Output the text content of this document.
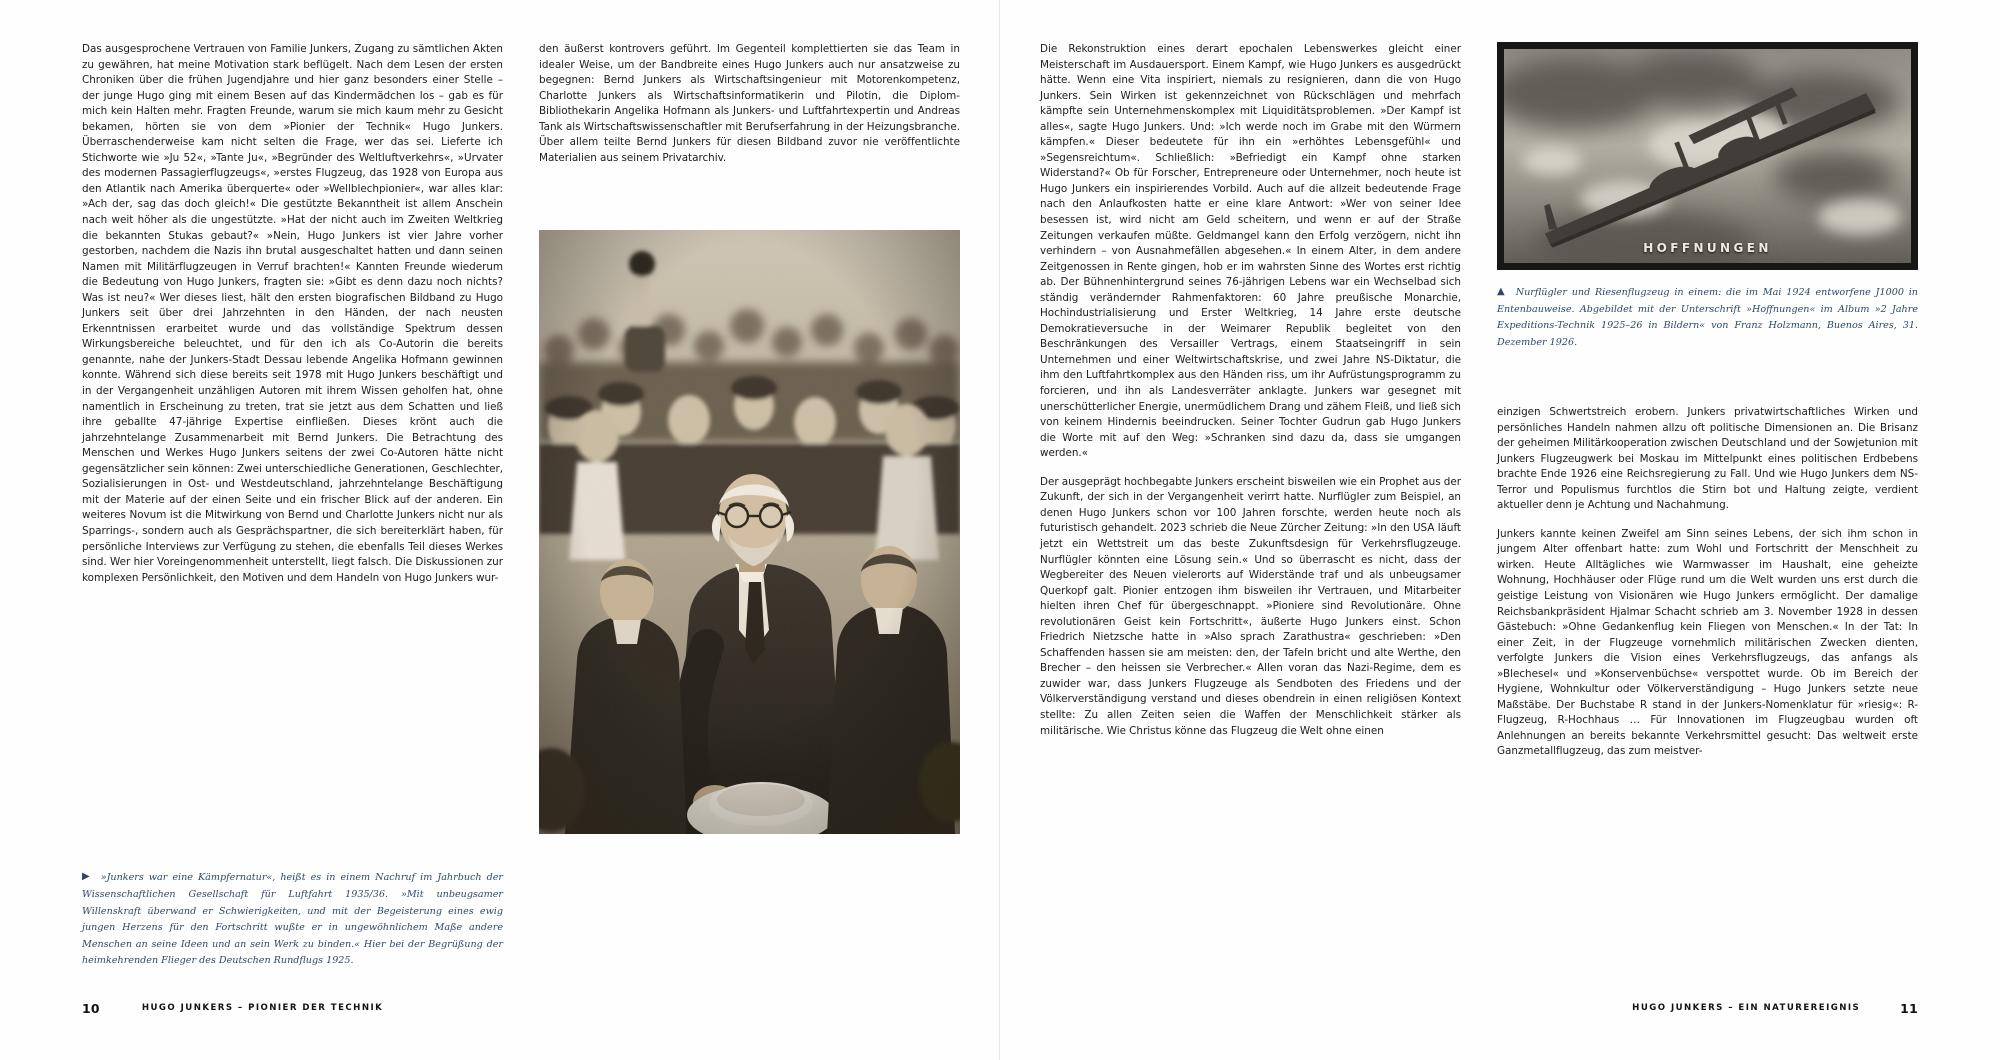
Das ausgesprochene Vertrauen von Familie Junkers, Zugang zu sämtlichen Akten zu gewähren, hat meine Motivation stark beflügelt. Nach dem Lesen der ersten Chroniken über die frühen Jugendjahre und hier ganz besonders einer Stelle – der junge Hugo ging mit einem Besen auf das Kindermädchen los – gab es für mich kein Halten mehr. Fragten Freunde, warum sie mich kaum mehr zu Gesicht bekamen, hörten sie von dem »Pionier der Technik« Hugo Junkers. Überraschenderweise kam nicht selten die Frage, wer das sei. Lieferte ich Stichworte wie »Ju 52«, »Tante Ju«, »Begründer des Weltluftverkehrs«, »Urvater des modernen Passagierflugzeugs«, »erstes Flugzeug, das 1928 von Europa aus den Atlantik nach Amerika überquerte« oder »Wellblechpionier«, war alles klar: »Ach der, sag das doch gleich!« Die gestützte Bekanntheit ist allem Anschein nach weit höher als die ungestützte. »Hat der nicht auch im Zweiten Weltkrieg die bekannten Stukas gebaut?« »Nein, Hugo Junkers ist vier Jahre vorher gestorben, nachdem die Nazis ihn brutal ausgeschaltet hatten und dann seinen Namen mit Militärflugzeugen in Verruf brachten!« Kannten Freunde wiederum die Bedeutung von Hugo Junkers, fragten sie: »Gibt es denn dazu noch nichts? Was ist neu?« Wer dieses liest, hält den ersten biografischen Bildband zu Hugo Junkers seit über drei Jahrzehnten in den Händen, der nach neusten Erkenntnissen erarbeitet wurde und das vollständige Spektrum dessen Wirkungsbereiche beleuchtet, und für den ich als Co-Autorin die bereits genannte, nahe der Junkers-Stadt Dessau lebende Angelika Hofmann gewinnen konnte. Während sich diese bereits seit 1978 mit Hugo Junkers beschäftigt und in der Vergangenheit unzähligen Autoren mit ihrem Wissen geholfen hat, ohne namentlich in Erscheinung zu treten, trat sie jetzt aus dem Schatten und ließ ihre geballte 47-jährige Expertise einfließen. Dieses krönt auch die jahrzehntelange Zusammenarbeit mit Bernd Junkers. Die Betrachtung des Menschen und Werkes Hugo Junkers seitens der zwei Co-Autoren hätte nicht gegensätzlicher sein können: Zwei unterschiedliche Generationen, Geschlechter, Sozialisierungen in Ost- und Westdeutschland, jahrzehntelange Beschäftigung mit der Materie auf der einen Seite und ein frischer Blick auf der anderen. Ein weiteres Novum ist die Mitwirkung von Bernd und Charlotte Junkers nicht nur als Sparrings-, sondern auch als Gesprächspartner, die sich bereiterklärt haben, für persönliche Interviews zur Verfügung zu stehen, die ebenfalls Teil dieses Werkes sind. Wer hier Voreingenommenheit unterstellt, liegt falsch. Die Diskussionen zur komplexen Persönlichkeit, den Motiven und dem Handeln von Hugo Junkers wur-

▶ »Junkers war eine Kämpfernatur«, heißt es in einem Nachruf im Jahrbuch der Wissenschaftlichen Gesellschaft für Luftfahrt 1935/36. »Mit unbeugsamer Willenskraft überwand er Schwierigkeiten, und mit der Begeisterung eines ewig jungen Herzens für den Fortschritt wußte er in ungewöhnlichem Maße andere Menschen an seine Ideen und an sein Werk zu binden.« Hier bei der Begrüßung der heimkehrenden Flieger des Deutschen Rundflugs 1925.

den äußerst kontrovers geführt. Im Gegenteil komplettierten sie das Team in idealer Weise, um der Bandbreite eines Hugo Junkers auch nur ansatzweise zu begegnen: Bernd Junkers als Wirtschaftsingenieur mit Motorenkompetenz, Charlotte Junkers als Wirtschaftsinformatikerin und Pilotin, die Diplom-Bibliothekarin Angelika Hofmann als Junkers- und Luftfahrtexpertin und Andreas Tank als Wirtschaftswissenschaftler mit Berufserfahrung in der Heizungsbranche. Über allem teilte Bernd Junkers für diesen Bildband zuvor nie veröffentlichte Materialien aus seinem Privatarchiv.

10	HUGO JUNKERS – PIONIER DER TECHNIK

Die Rekonstruktion eines derart epochalen Lebenswerkes gleicht einer Meisterschaft im Ausdauersport. Einem Kampf, wie Hugo Junkers es ausgedrückt hätte. Wenn eine Vita inspiriert, niemals zu resignieren, dann die von Hugo Junkers. Sein Wirken ist gekennzeichnet von Rückschlägen und mehrfach kämpfte sein Unternehmenskomplex mit Liquiditätsproblemen. »Der Kampf ist alles«, sagte Hugo Junkers. Und: »Ich werde noch im Grabe mit den Würmern kämpfen.« Dieser bedeutete für ihn ein »erhöhtes Lebensgefühl« und »Segensreichtum«. Schließlich: »Befriedigt ein Kampf ohne starken Widerstand?« Ob für Forscher, Entrepreneure oder Unternehmer, noch heute ist Hugo Junkers ein inspirierendes Vorbild. Auch auf die allzeit bedeutende Frage nach den Anlaufkosten hatte er eine klare Antwort: »Wer von seiner Idee besessen ist, wird nicht am Geld scheitern, und wenn er auf der Straße Zeitungen verkaufen müßte. Geldmangel kann den Erfolg verzögern, nicht ihn verhindern – von Ausnahmefällen abgesehen.« In einem Alter, in dem andere Zeitgenossen in Rente gingen, hob er im wahrsten Sinne des Wortes erst richtig ab. Der Bühnenhintergrund seines 76-jährigen Lebens war ein Wechselbad sich ständig verändernder Rahmenfaktoren: 60 Jahre preußische Monarchie, Hochindustrialisierung und Erster Weltkrieg, 14 Jahre erste deutsche Demokratieversuche in der Weimarer Republik begleitet von den Beschränkungen des Versailler Vertrags, einem Staatseingriff in sein Unternehmen und einer Weltwirtschaftskrise, und zwei Jahre NS-Diktatur, die ihm den Luftfahrtkomplex aus den Händen riss, um ihr Aufrüstungsprogramm zu forcieren, und ihn als Landesverräter anklagte. Junkers war gesegnet mit unerschütterlicher Energie, unermüdlichem Drang und zähem Fleiß, und ließ sich von keinem Hindernis beeindrucken. Seiner Tochter Gudrun gab Hugo Junkers die Worte mit auf den Weg: »Schranken sind dazu da, dass sie umgangen werden.«

Der ausgeprägt hochbegabte Junkers erscheint bisweilen wie ein Prophet aus der Zukunft, der sich in der Vergangenheit verirrt hatte. Nurflügler zum Beispiel, an denen Hugo Junkers schon vor 100 Jahren forschte, werden heute noch als futuristisch gehandelt. 2023 schrieb die Neue Zürcher Zeitung: »In den USA läuft jetzt ein Wettstreit um das beste Zukunftsdesign für Verkehrsflugzeuge. Nurflügler könnten eine Lösung sein.« Und so überrascht es nicht, dass der Wegbereiter des Neuen vielerorts auf Widerstände traf und als unbeugsamer Querkopf galt. Pionier entzogen ihm bisweilen ihr Vertrauen, und Mitarbeiter hielten ihren Chef für übergeschnappt. »Pioniere sind Revolutionäre. Ohne revolutionären Geist kein Fortschritt«, äußerte Hugo Junkers einst. Schon Friedrich Nietzsche hatte in »Also sprach Zarathustra« geschrieben: »Den Schaffenden hassen sie am meisten: den, der Tafeln bricht und alte Werthe, den Brecher – den heissen sie Verbrecher.« Allen voran das Nazi-Regime, dem es zuwider war, dass Junkers Flugzeuge als Sendboten des Friedens und der Völkerverständigung verstand und dieses obendrein in einen religiösen Kontext stellte: Zu allen Zeiten seien die Waffen der Menschlichkeit stärker als militärische. Wie Christus könne das Flugzeug die Welt ohne einen

HOFFNUNGEN

▲ Nurflügler und Riesenflugzeug in einem: die im Mai 1924 entworfene J1000 in Entenbauweise. Abgebildet mit der Unterschrift »Hoffnungen« im Album »2 Jahre Expeditions-Technik 1925–26 in Bildern« von Franz Holzmann, Buenos Aires, 31. Dezember 1926.

einzigen Schwertstreich erobern. Junkers privatwirtschaftliches Wirken und persönliches Handeln nahmen allzu oft politische Dimensionen an. Die Brisanz der geheimen Militärkooperation zwischen Deutschland und der Sowjetunion mit Junkers Flugzeugwerk bei Moskau im Mittelpunkt eines politischen Erdbebens brachte Ende 1926 eine Reichsregierung zu Fall. Und wie Hugo Junkers dem NS-Terror und Populismus furchtlos die Stirn bot und Haltung zeigte, verdient aktueller denn je Achtung und Nachahmung.

Junkers kannte keinen Zweifel am Sinn seines Lebens, der sich ihm schon in jungem Alter offenbart hatte: zum Wohl und Fortschritt der Menschheit zu wirken. Heute Alltägliches wie Warmwasser im Haushalt, eine geheizte Wohnung, Hochhäuser oder Flüge rund um die Welt wurden uns erst durch die geistige Leistung von Visionären wie Hugo Junkers ermöglicht. Der damalige Reichsbankpräsident Hjalmar Schacht schrieb am 3. November 1928 in dessen Gästebuch: »Ohne Gedankenflug kein Fliegen von Menschen.« In der Tat: In einer Zeit, in der Flugzeuge vornehmlich militärischen Zwecken dienten, verfolgte Junkers die Vision eines Verkehrsflugzeugs, das anfangs als »Blechesel« und »Konservenbüchse« verspottet wurde. Ob im Bereich der Hygiene, Wohnkultur oder Völkerverständigung – Hugo Junkers setzte neue Maßstäbe. Der Buchstabe R stand in der Junkers-Nomenklatur für »riesig«: R-Flugzeug, R-Hochhaus … Für Innovationen im Flugzeugbau wurden oft Anlehnungen an bereits bekannte Verkehrsmittel gesucht: Das weltweit erste Ganzmetallflugzeug, das zum meistver-

HUGO JUNKERS – EIN NATUREREIGNIS	11
